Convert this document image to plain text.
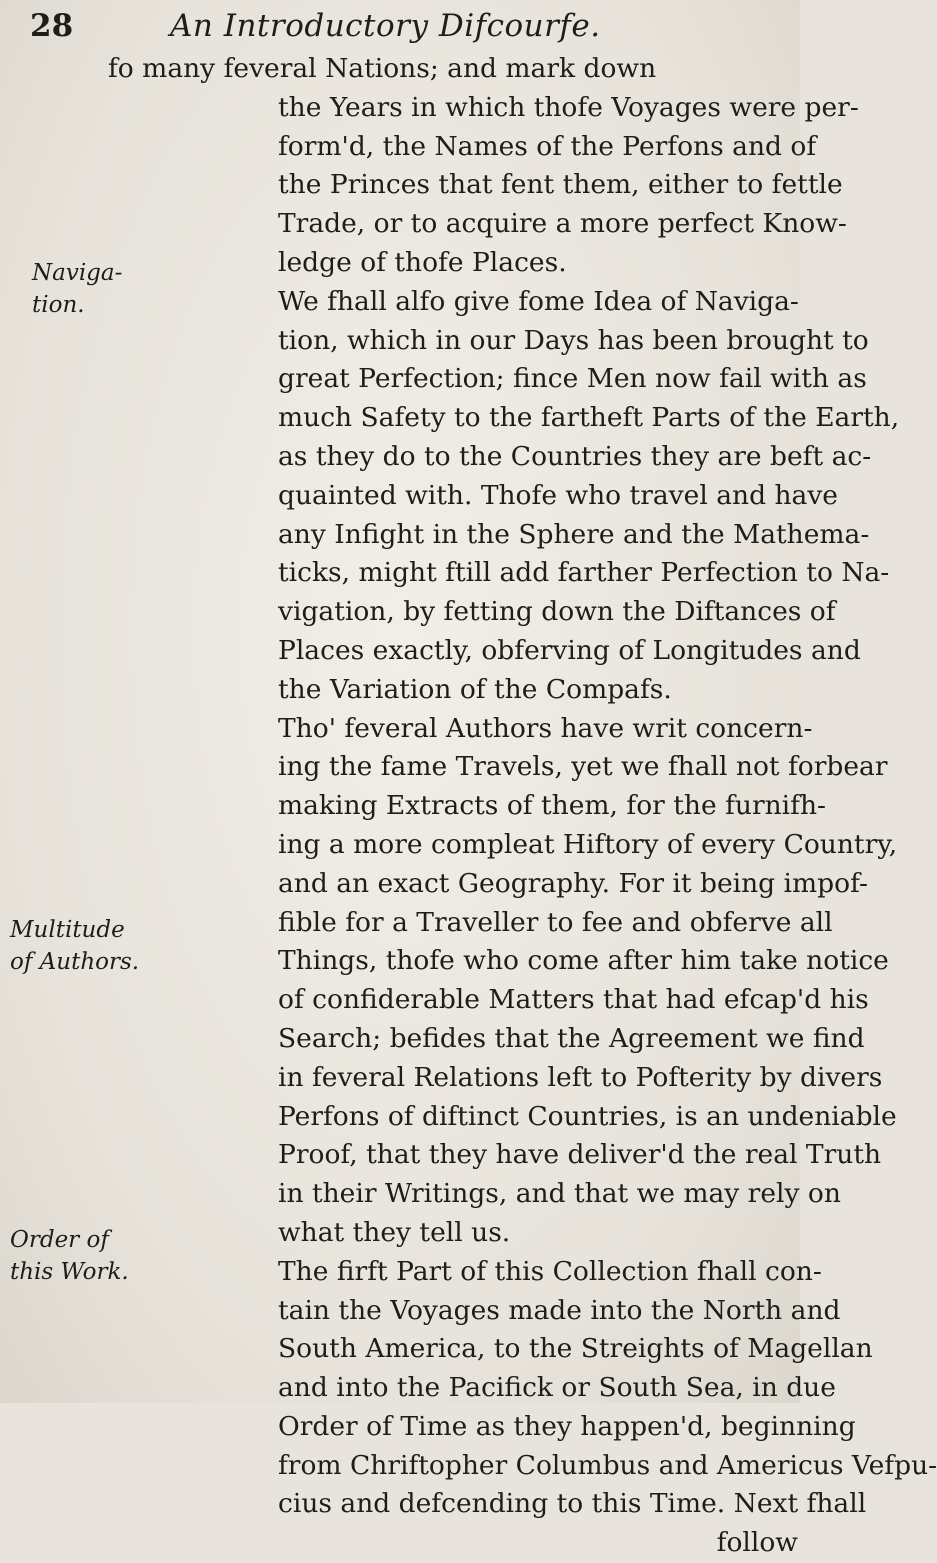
28	An Introductory Difcourfe.
Naviga-
tion.
Multitude
of Authors.
Order of
this Work.
fo many feveral Nations; and mark down
the Years in which thofe Voyages were per-
form'd, the Names of the Perfons and of
the Princes that fent them, either to fettle
Trade, or to acquire a more perfect Know-
ledge of thofe Places.
We fhall alfo give fome Idea of Naviga-
tion, which in our Days has been brought to
great Perfection; fince Men now fail with as
much Safety to the fartheft Parts of the Earth,
as they do to the Countries they are beft ac-
quainted with. Thofe who travel and have
any Infight in the Sphere and the Mathema-
ticks, might ftill add farther Perfection to Na-
vigation, by fetting down the Diftances of
Places exactly, obferving of Longitudes and
the Variation of the Compafs.
Tho' feveral Authors have writ concern-
ing the fame Travels, yet we fhall not forbear
making Extracts of them, for the furnifh-
ing a more compleat Hiftory of every Country,
and an exact Geography. For it being impof-
fible for a Traveller to fee and obferve all
Things, thofe who come after him take notice
of confiderable Matters that had efcap'd his
Search; befides that the Agreement we find
in feveral Relations left to Pofterity by divers
Perfons of diftinct Countries, is an undeniable
Proof, that they have deliver'd the real Truth
in their Writings, and that we may rely on
what they tell us.
The firft Part of this Collection fhall con-
tain the Voyages made into the North and
South America, to the Streights of Magellan
and into the Pacifick or South Sea, in due
Order of Time as they happen'd, beginning
from Chriftopher Columbus and Americus Vefpu-
cius and defcending to this Time. Next fhall
follow
